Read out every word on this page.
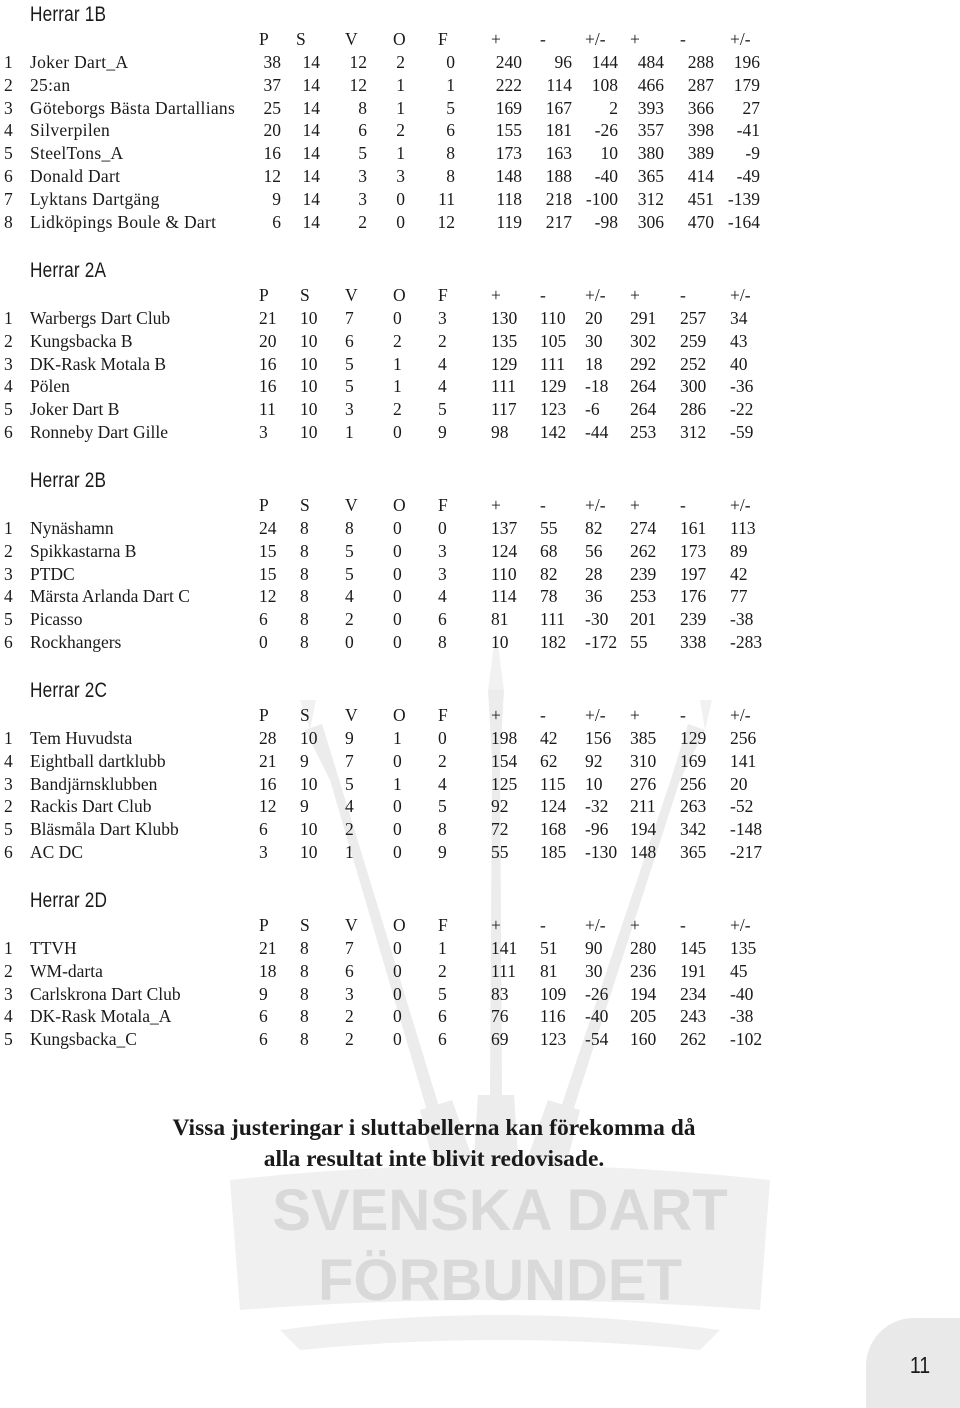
SVENSKA DART
FÖRBUNDET
Herrar 1B
P S V O F + - +/- + -	+/-
1 Joker Dart_A	38	14	12	2	0	240	96	144	484	288	196
2 25:an	37	14	12	1	1	222	114	108	466	287	179
3 Göteborgs Bästa Dartallians	25	14	8	1	5	169	167	2	393	366	27
4 Silverpilen	20	14	6	2	6	155	181	-26	357	398	-41
5 SteelTons_A	16	14	5	1	8	173	163	10	380	389	-9
6 Donald Dart	12	14	3	3	8	148	188	-40	365	414	-49
7 Lyktans Dartgäng	9	14	3	0	11	118	218 -100	312	451 -139
8 Lidköpings Boule & Dart	6	14	2	0	12	119	217	-98	306	470 -164
Herrar 2A
P S V O F + - +/- + -	+/-
1 Warbergs Dart Club	21 10 7 0 3	130 110 20 291 257 34
2 Kungsbacka B	20 10 6 2 2	135 105 30 302 259 43
3 DK-Rask Motala B	16 10 5 1 4	129 111 18 292 252 40
4 Pölen	16 10 5 1 4	111 129 -18 264 300 -36
5 Joker Dart B	11 10 3 2 5	117 123 -6 264 286 -22
6 Ronneby Dart Gille	3 10 1 0 9	98 142 -44 253 312 -59
Herrar 2B
P S V O F + - +/- + -	+/-
1 Nynäshamn	24 8 8 0 0	137 55 82 274 161 113
2 Spikkastarna B	15 8 5 0 3	124 68 56 262 173 89
3 PTDC	15 8 5 0 3	110 82 28 239 197 42
4 Märsta Arlanda Dart C	12 8 4 0 4	114 78 36 253 176 77
5 Picasso	6 8 2 0 6	81 111 -30 201 239 -38
6 Rockhangers	0 8 0 0 8	10 182 -172 55 338 -283
Herrar 2C
P S V O F + - +/- + -	+/-
1 Tem Huvudsta	28 10 9 1 0	198 42 156 385 129 256
4 Eightball dartklubb	21 9 7 0 2	154 62 92 310 169 141
3 Bandjärnsklubben	16 10 5 1 4	125 115 10 276 256 20
2 Rackis Dart Club	12 9 4 0 5	92 124 -32 211 263 -52
5 Bläsmåla Dart Klubb	6 10 2 0 8	72 168 -96 194 342 -148
6 AC DC	3 10 1 0 9	55 185 -130 148 365 -217
Herrar 2D
P S V O F + - +/- + -	+/-
1 TTVH	21 8 7 0 1	141 51 90 280 145 135
2 WM-darta	18 8 6 0 2	111 81 30 236 191 45
3 Carlskrona Dart Club	9 8 3 0 5	83 109 -26 194 234 -40
4 DK-Rask Motala_A	6 8 2 0 6	76 116 -40 205 243 -38
5 Kungsbacka_C	6 8 2 0 6	69 123 -54 160 262 -102
Vissa justeringar i sluttabellerna kan förekomma då
alla resultat inte blivit redovisade.
11
